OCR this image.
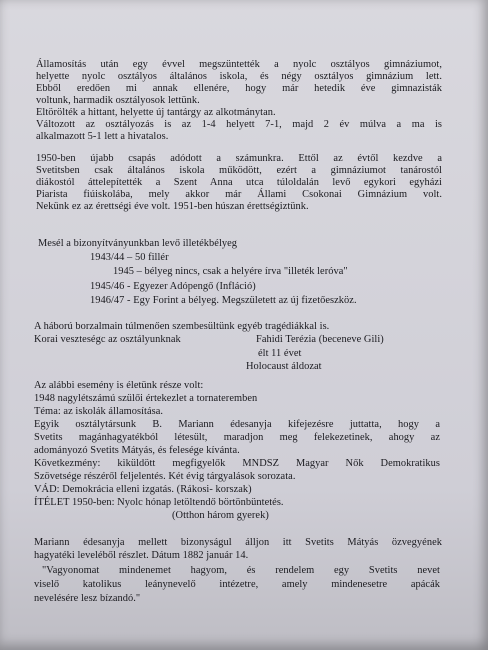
Államosítás után egy évvel megszüntették a nyolc osztályos gimnáziumot,
helyette nyolc osztályos általános iskola, és négy osztályos gimnázium lett.
Ebből eredően mi annak ellenére, hogy már hetedik éve gimnazisták
voltunk, harmadik osztályosok lettünk.
Eltörölték a hittant, helyette új tantárgy az alkotmánytan.
Változott az osztályozás is az 1-4 helyett 7-1, majd 2 év múlva a ma is
alkalmazott 5-1 lett a hivatalos.
1950-ben újabb csapás adódott a számunkra. Ettől az évtől kezdve a
Svetitsben csak általános iskola működött, ezért a gimnáziumot tanárostól
diákostól áttelepítették a Szent Anna utca túloldalán levő egykori egyházi
Piarista fiúiskolába, mely akkor már Állami Csokonai Gimnázium volt.
Nekünk ez az érettségi éve volt. 1951-ben húszan érettségiztünk.
Mesél a bizonyítványunkban levő illetékbélyeg
1943/44 – 50 fillér
1945 – bélyeg nincs, csak a helyére írva "illeték leróva"
1945/46 - Egyezer Adópengő (Infláció)
1946/47 - Egy Forint a bélyeg. Megszületett az új fizetőeszköz.
A háború borzalmain túlmenően szembesültünk egyéb tragédiákkal is.
Korai veszteségc az osztályunknak	Fahidi Terézia (beceneve Gili)
élt 11 évet
Holocaust áldozat
Az alábbi esemény is életünk része volt:
1948 nagylétszámú szülői értekezlet a tornateremben
Téma: az iskolák államosítása.
Egyik osztálytársunk B. Mariann édesanyja kifejezésre juttatta, hogy a
Svetits magánhagyatékból létesült, maradjon meg felekezetinek, ahogy az
adományozó Svetits Mátyás, és felesége kívánta.
Következmény: kiküldött megfigyelők MNDSZ Magyar Nők Demokratikus
Szövetsége részéről feljelentés. Két évig tárgyalások sorozata.
VÁD: Demokrácia elleni izgatás. (Rákosi- korszak)
ÍTÉLET 1950-ben: Nyolc hónap letöltendő börtönbüntetés.
(Otthon három gyerek)
Mariann édesanyja mellett bizonyságul álljon itt Svetits Mátyás özvegyének
hagyatéki leveléből részlet. Dátum 1882 január 14.
"Vagyonomat mindenemet hagyom, és rendelem egy Svetits nevet
viselő katolikus leánynevelő intézetre, amely mindenesetre apácák
nevelésére lesz bízandó."
